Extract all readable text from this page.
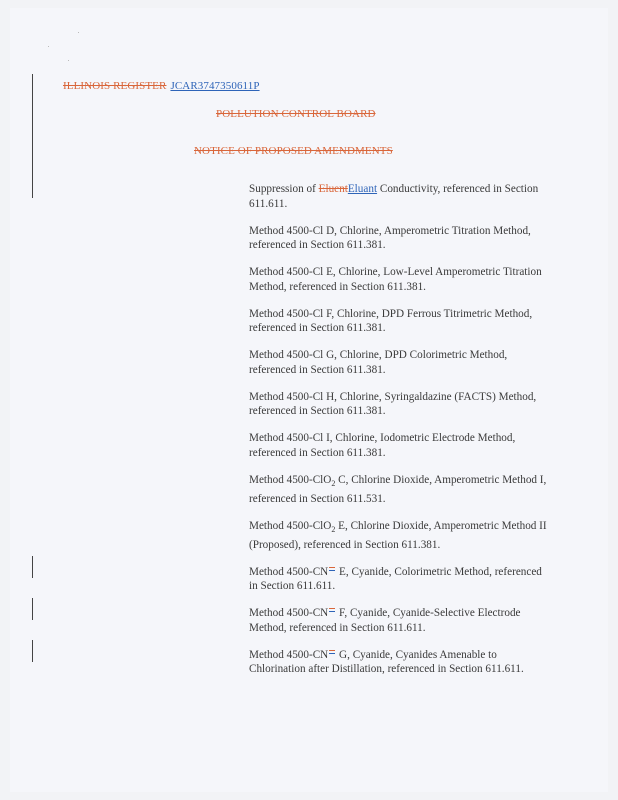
ILLINOIS REGISTER JCAR3747350611P
POLLUTION CONTROL BOARD
NOTICE OF PROPOSED AMENDMENTS

Suppression of EluentEluant Conductivity, referenced in Section 611.611.

Method 4500-Cl D, Chlorine, Amperometric Titration Method, referenced in Section 611.381.

Method 4500-Cl E, Chlorine, Low-Level Amperometric Titration Method, referenced in Section 611.381.

Method 4500-Cl F, Chlorine, DPD Ferrous Titrimetric Method, referenced in Section 611.381.

Method 4500-Cl G, Chlorine, DPD Colorimetric Method, referenced in Section 611.381.

Method 4500-Cl H, Chlorine, Syringaldazine (FACTS) Method, referenced in Section 611.381.

Method 4500-Cl I, Chlorine, Iodometric Electrode Method, referenced in Section 611.381.

Method 4500-ClO$_2$ C, Chlorine Dioxide, Amperometric Method I, referenced in Section 611.531.

Method 4500-ClO$_2$ E, Chlorine Dioxide, Amperometric Method II (Proposed), referenced in Section 611.381.

Method 4500-CN E, Cyanide, Colorimetric Method, referenced in Section 611.611.

Method 4500-CN F, Cyanide, Cyanide-Selective Electrode Method, referenced in Section 611.611.

Method 4500-CN G, Cyanide, Cyanides Amenable to Chlorination after Distillation, referenced in Section 611.611.
